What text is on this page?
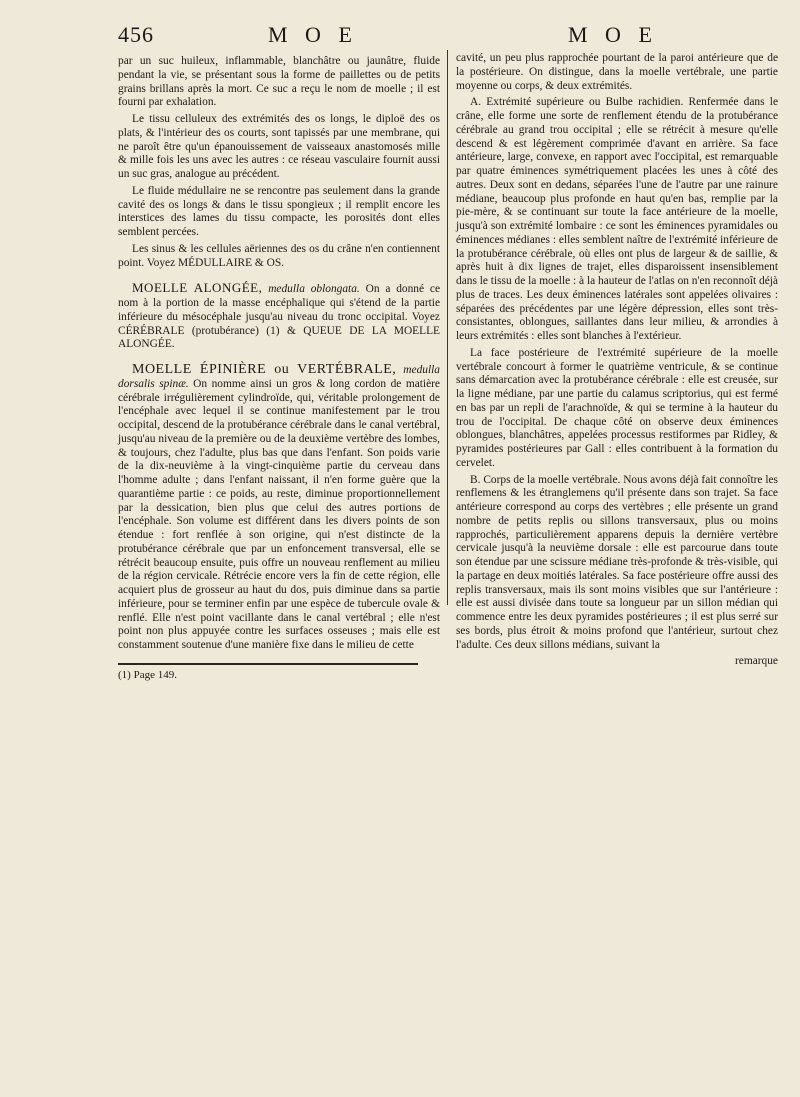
456	M O E	M O E

par un suc huileux, inflammable, blanchâtre ou jaunâtre, fluide pendant la vie, se présentant sous la forme de paillettes ou de petits grains brillans après la mort. Ce suc a reçu le nom de moelle ; il est fourni par exhalation.

Le tissu celluleux des extrémités des os longs, le diploë des os plats, & l'intérieur des os courts, sont tapissés par une membrane, qui ne paroît être qu'un épanouissement de vaisseaux anastomosés mille & mille fois les uns avec les autres : ce réseau vasculaire fournit aussi un suc gras, analogue au précédent.

Le fluide médullaire ne se rencontre pas seulement dans la grande cavité des os longs & dans le tissu spongieux ; il remplit encore les interstices des lames du tissu compacte, les porosités dont elles semblent percées.

Les sinus & les cellules aëriennes des os du crâne n'en contiennent point. Voyez MÉDULLAIRE & OS.

MOELLE ALONGÉE, medulla oblongata. On a donné ce nom à la portion de la masse encéphalique qui s'étend de la partie inférieure du mésocéphale jusqu'au niveau du tronc occipital. Voyez CÉRÉBRALE (protubérance) (1) & QUEUE DE LA MOELLE ALONGÉE.

MOELLE ÉPINIÈRE ou VERTÉBRALE, medulla dorsalis spinæ. On nomme ainsi un gros & long cordon de matière cérébrale irrégulièrement cylindroïde, qui, véritable prolongement de l'encéphale avec lequel il se continue manifestement par le trou occipital, descend de la protubérance cérébrale dans le canal vertébral, jusqu'au niveau de la première ou de la deuxième vertèbre des lombes, & toujours, chez l'adulte, plus bas que dans l'enfant. Son poids varie de la dix-neuvième à la vingt-cinquième partie du cerveau dans l'homme adulte ; dans l'enfant naissant, il n'en forme guère que la quarantième partie : ce poids, au reste, diminue proportionnellement par la dessication, bien plus que celui des autres portions de l'encéphale. Son volume est différent dans les divers points de son étendue : fort renflée à son origine, qui n'est distincte de la protubérance cérébrale que par un enfoncement transversal, elle se rétrécit beaucoup ensuite, puis offre un nouveau renflement au milieu de la région cervicale. Rétrécie encore vers la fin de cette région, elle acquiert plus de grosseur au haut du dos, puis diminue dans sa partie inférieure, pour se terminer enfin par une espèce de tubercule ovale & renflé. Elle n'est point vacillante dans le canal vertébral ; elle n'est point non plus appuyée contre les surfaces osseuses ; mais elle est constamment soutenue d'une manière fixe dans le milieu de cette

(1) Page 149.

cavité, un peu plus rapprochée pourtant de la paroi antérieure que de la postérieure. On distingue, dans la moelle vertébrale, une partie moyenne ou corps, & deux extrémités.

A. Extrémité supérieure ou Bulbe rachidien. Renfermée dans le crâne, elle forme une sorte de renflement étendu de la protubérance cérébrale au grand trou occipital ; elle se rétrécit à mesure qu'elle descend & est légèrement comprimée d'avant en arrière. Sa face antérieure, large, convexe, en rapport avec l'occipital, est remarquable par quatre éminences symétriquement placées les unes à côté des autres. Deux sont en dedans, séparées l'une de l'autre par une rainure médiane, beaucoup plus profonde en haut qu'en bas, remplie par la pie-mère, & se continuant sur toute la face antérieure de la moelle, jusqu'à son extrémité lombaire : ce sont les éminences pyramidales ou éminences médianes : elles semblent naître de l'extrémité inférieure de la protubérance cérébrale, où elles ont plus de largeur & de saillie, & après huit à dix lignes de trajet, elles disparoissent insensiblement dans le tissu de la moelle : à la hauteur de l'atlas on n'en reconnoît déjà plus de traces. Les deux éminences latérales sont appelées olivaires : séparées des précédentes par une légère dépression, elles sont très-consistantes, oblongues, saillantes dans leur milieu, & arrondies à leurs extrémités : elles sont blanches à l'extérieur.

La face postérieure de l'extrémité supérieure de la moelle vertébrale concourt à former le quatrième ventricule, & se continue sans démarcation avec la protubérance cérébrale : elle est creusée, sur la ligne médiane, par une partie du calamus scriptorius, qui est fermé en bas par un repli de l'arachnoïde, & qui se termine à la hauteur du trou de l'occipital. De chaque côté on observe deux éminences oblongues, blanchâtres, appelées processus restiformes par Ridley, & pyramides postérieures par Gall : elles contribuent à la formation du cervelet.

B. Corps de la moelle vertébrale. Nous avons déjà fait connoître les renflemens & les étranglemens qu'il présente dans son trajet. Sa face antérieure correspond au corps des vertèbres ; elle présente un grand nombre de petits replis ou sillons transversaux, plus ou moins rapprochés, particulièrement apparens depuis la dernière vertèbre cervicale jusqu'à la neuvième dorsale : elle est parcourue dans toute son étendue par une scissure médiane très-profonde & très-visible, qui la partage en deux moitiés latérales. Sa face postérieure offre aussi des replis transversaux, mais ils sont moins visibles que sur l'antérieure : elle est aussi divisée dans toute sa longueur par un sillon médian qui commence entre les deux pyramides postérieures ; il est plus serré sur ses bords, plus étroit & moins profond que l'antérieur, surtout chez l'adulte. Ces deux sillons médians, suivant la

remarque
